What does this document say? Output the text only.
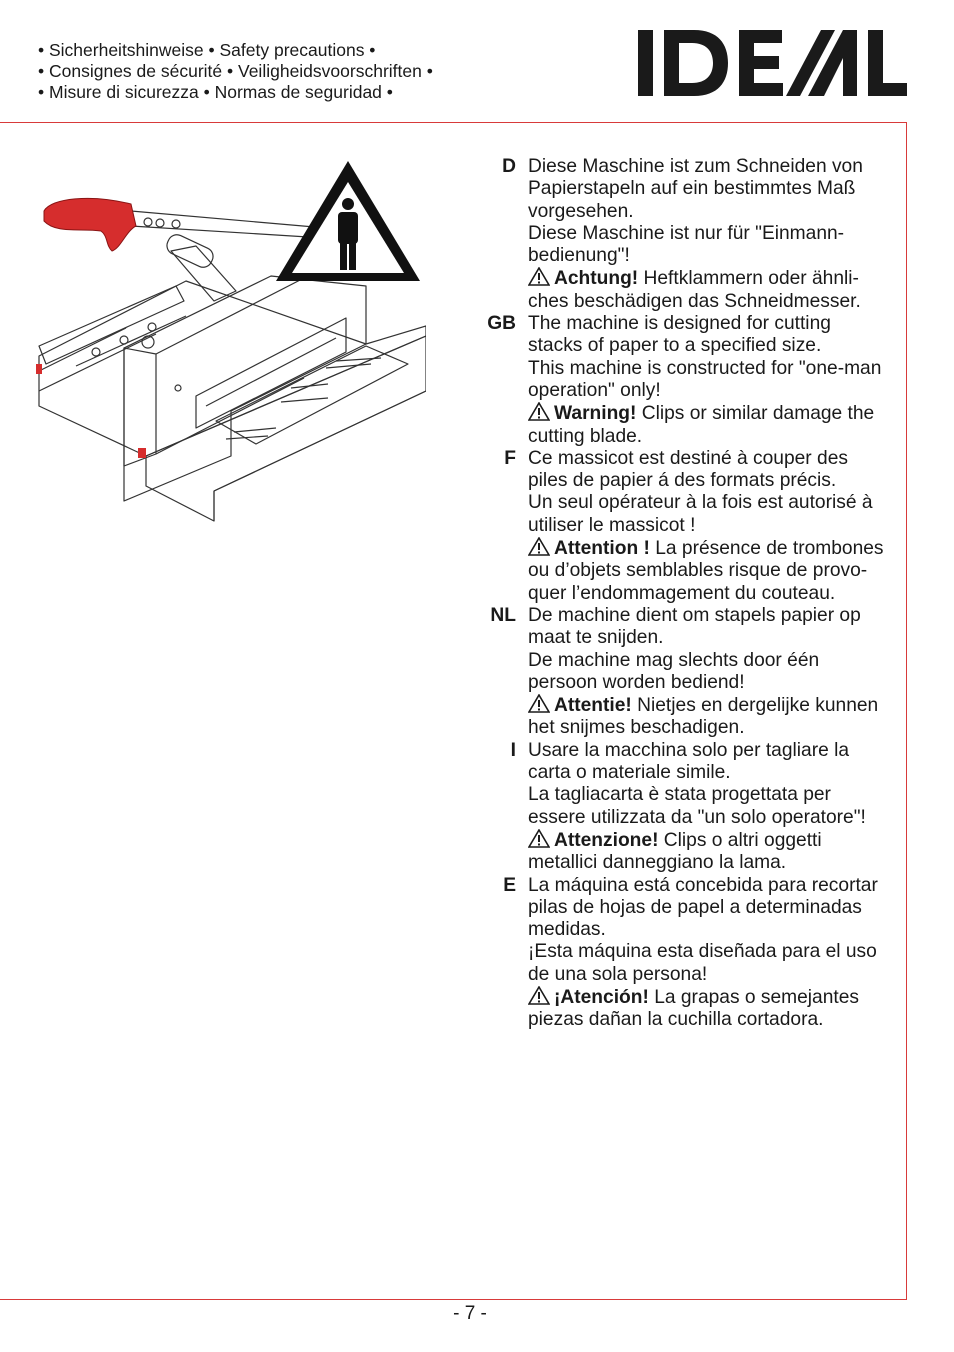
• Sicherheitshinweise • Safety precautions •
• Consignes de sécurité • Veiligheidsvoorschriften •
• Misure di sicurezza • Normas de seguridad •
D Diese Maschine ist zum Schneiden von

Papierstapeln auf ein bestimmtes Maß

vorgesehen.

Diese Maschine ist nur für "Einmann-

bedienung"!

Achtung! Heftklammern oder ähnli-

ches beschädigen das Schneidmesser.

GB The machine is designed for cutting

stacks of paper to a specified size.

This machine is constructed for "one-man

operation" only!

Warning! Clips or similar damage the

cutting blade.

F Ce massicot est destiné à couper des

piles de papier á des formats précis.

Un seul opérateur à la fois est autorisé à

utiliser le massicot !

Attention ! La présence de trombones

ou d’objets semblables risque de provo-

quer l’endommagement du couteau.

NL De machine dient om stapels papier op

maat te snijden.

De machine mag slechts door één

persoon worden bediend!

Attentie! Nietjes en dergelijke kunnen

het snijmes beschadigen.

I Usare la macchina solo per tagliare la

carta o materiale simile.

La tagliacarta è stata progettata per

essere utilizzata da "un solo operatore"!

Attenzione! Clips o altri oggetti

metallici danneggiano la lama.

E La máquina está concebida para recortar

pilas de hojas de papel a determinadas

medidas.

¡Esta máquina esta diseñada para el uso

de una sola persona!

¡Atención! La grapas o semejantes

piezas dañan la cuchilla cortadora.

- 7 -
